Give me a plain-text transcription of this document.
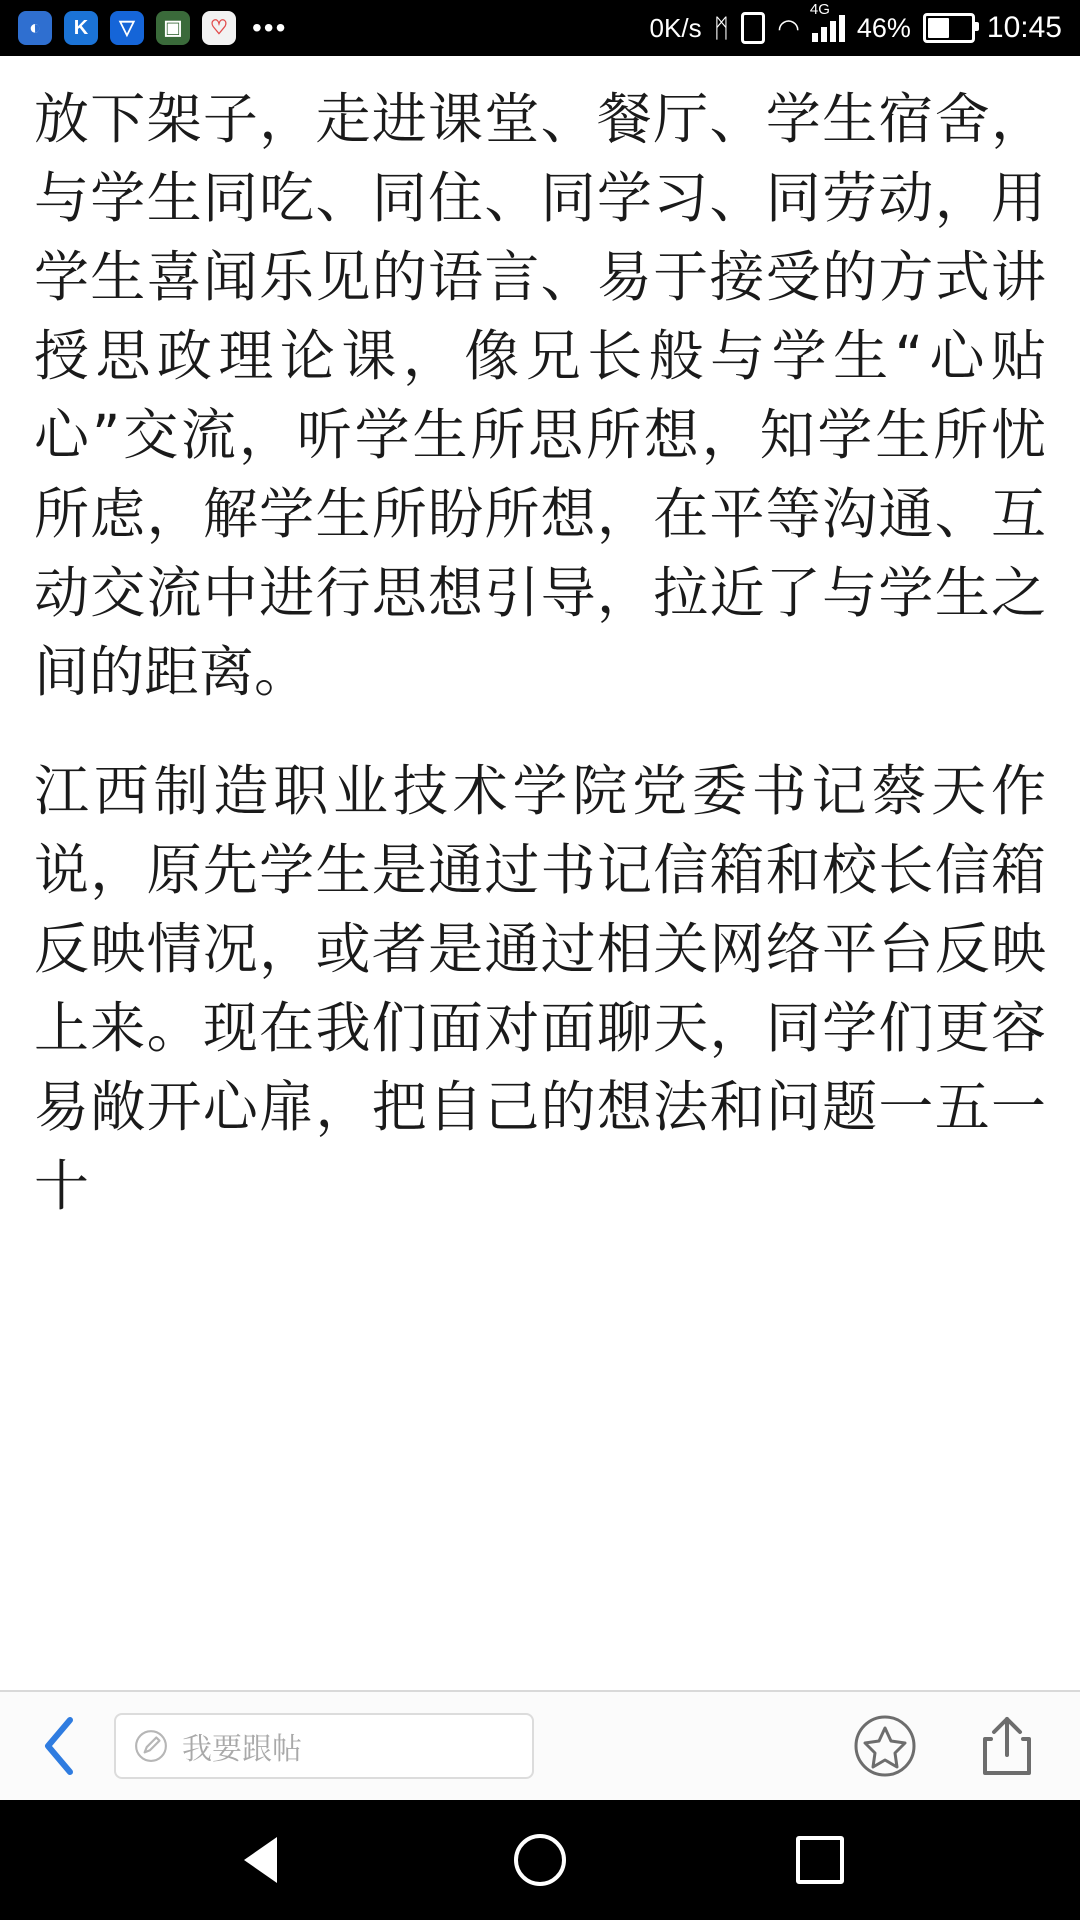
◐	K	▽	▣	♡ •••	0K/s ᛗ ◠
4G
46%	10:45

放下架子，走进课堂、餐厅、学生宿舍，与学生同吃、同住、同学习、同劳动，用学生喜闻乐见的语言、易于接受的方式讲授思政理论课，像兄长般与学生“心贴心”交流，听学生所思所想，知学生所忧所虑，解学生所盼所想，在平等沟通、互动交流中进行思想引导，拉近了与学生之间的距离。

江西制造职业技术学院党委书记蔡天作说，原先学生是通过书记信箱和校长信箱反映情况，或者是通过相关网络平台反映上来。现在我们面对面聊天，同学们更容易敞开心扉，把自己的想法和问题一五一十

我要跟帖
